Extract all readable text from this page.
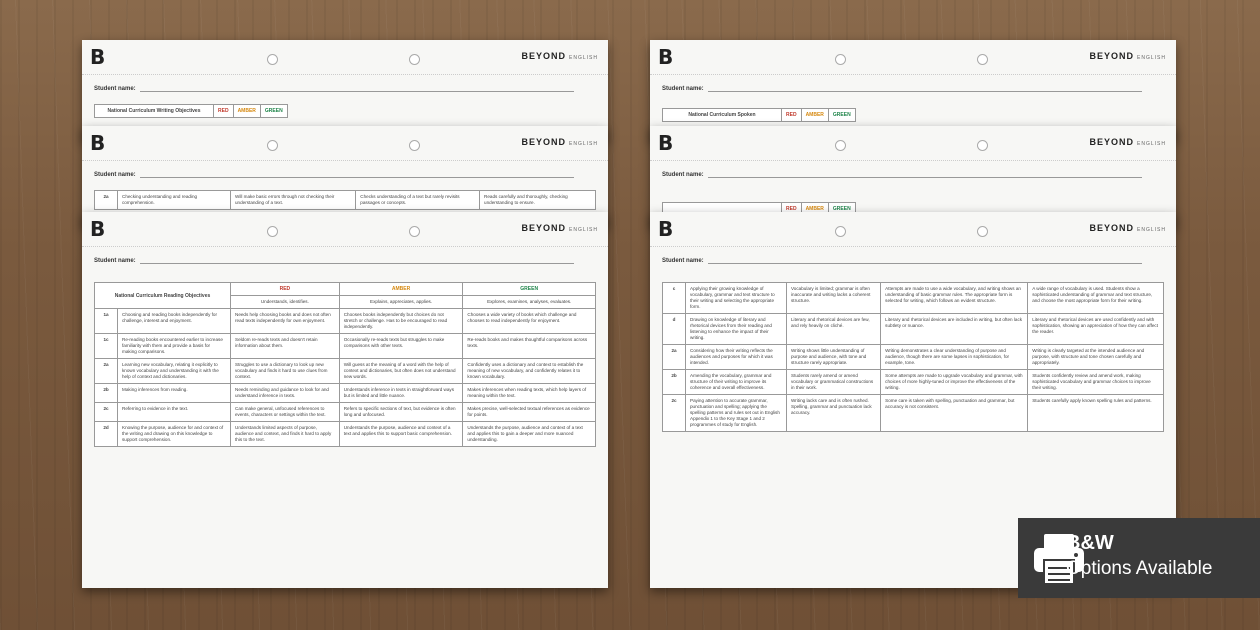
B	BEYOND ENGLISH
Student name:
National Curriculum Writing Objectives	RED	AMBER	GREEN
B	BEYOND ENGLISH
Student name:
2a	Checking understanding and reading comprehension.	Will make basic errors through not checking their understanding of a text.	Checks understanding of a text but rarely revisits passages or concepts.	Reads carefully and thoroughly, checking understanding to ensure.
B	BEYOND ENGLISH
Student name:
National Curriculum Reading Objectives		RED	AMBER	GREEN
		Understands, identifies.	Explains, appreciates, applies.	Explores, examines, analyses, evaluates.
1a	Choosing and reading books independently for challenge, interest and enjoyment.	Needs help choosing books and does not often read texts independently for own enjoyment.	Chooses books independently but choices do not stretch or challenge. Has to be encouraged to read independently.	Chooses a wide variety of books which challenge and chooses to read independently for enjoyment.
1c	Re-reading books encountered earlier to increase familiarity with them and provide a basis for making comparisons.	Seldom re-reads texts and doesn't retain information about them.	Occasionally re-reads texts but struggles to make comparisons with other texts.	Re-reads books and makes thoughtful comparisons across texts.
2a	Learning new vocabulary, relating it explicitly to known vocabulary and understanding it with the help of context and dictionaries.	Struggles to use a dictionary to look up new vocabulary and finds it hard to use clues from context.	Will guess at the meaning of a word with the help of context and dictionaries, but often does not understand new words.	Confidently uses a dictionary and context to establish the meaning of new vocabulary, and confidently relates it to known vocabulary.
2b	Making inferences from reading.	Needs reminding and guidance to look for and understand inference in texts.	Understands inference in texts in straightforward ways but is limited and little nuance.	Makes inferences when reading texts, which help layers of meaning within the text.
2c	Referring to evidence in the text.	Can make general, unfocused references to events, characters or settings within the text.	Refers to specific sections of text, but evidence is often long and unfocused.	Makes precise, well-selected textual references as evidence for points.
2d	Knowing the purpose, audience for and context of the writing and drawing on this knowledge to support comprehension.	Understands limited aspects of purpose, audience and context, and finds it hard to apply this to the text.	Understands the purpose, audience and context of a text and applies this to support basic comprehension.	Understands the purpose, audience and context of a text and applies this to gain a deeper and more nuanced understanding.
B	BEYOND ENGLISH
Student name:
National Curriculum Spoken	RED	AMBER	GREEN
B	BEYOND ENGLISH
Student name:
	RED	AMBER	GREEN
B	BEYOND ENGLISH
Student name:
c	Applying their growing knowledge of vocabulary, grammar and text structure to their writing and selecting the appropriate form.	Vocabulary is limited; grammar is often inaccurate and writing lacks a coherent structure.	Attempts are made to use a wide vocabulary, and writing shows an understanding of basic grammar rules. The appropriate form is selected for writing, which follows an evident structure.	A wide range of vocabulary is used. Students show a sophisticated understanding of grammar and text structure, and choose the most appropriate form for their writing.
d	Drawing on knowledge of literary and rhetorical devices from their reading and listening to enhance the impact of their writing.	Literary and rhetorical devices are few, and rely heavily on cliché.	Literary and rhetorical devices are included in writing, but often lack subtlety or nuance.	Literary and rhetorical devices are used confidently and with sophistication, showing an appreciation of how they can affect the reader.
2a	Considering how their writing reflects the audiences and purposes for which it was intended.	Writing shows little understanding of purpose and audience, with tone and structure rarely appropriate.	Writing demonstrates a clear understanding of purpose and audience, though there are some lapses in sophistication, for example, tone.	Writing is clearly targeted at the intended audience and purpose, with structure and tone chosen carefully and appropriately.
2b	Amending the vocabulary, grammar and structure of their writing to improve its coherence and overall effectiveness.	Students rarely amend or amend vocabulary or grammatical constructions in their work.	Some attempts are made to upgrade vocabulary and grammar, with choices of more highly-tuned or improve the effectiveness of the writing.	Students confidently review and amend work, making sophisticated vocabulary and grammar choices to improve their writing.
2c	Paying attention to accurate grammar, punctuation and spelling; applying the spelling patterns and rules set out in English Appendix 1 to the Key Stage 1 and 2 programmes of study for English.	Writing lacks care and is often rushed. Spelling, grammar and punctuation lack accuracy.	Some care is taken with spelling, punctuation and grammar, but accuracy is not consistent.	Students carefully apply known spelling rules and patterns.
B&W
Options Available
